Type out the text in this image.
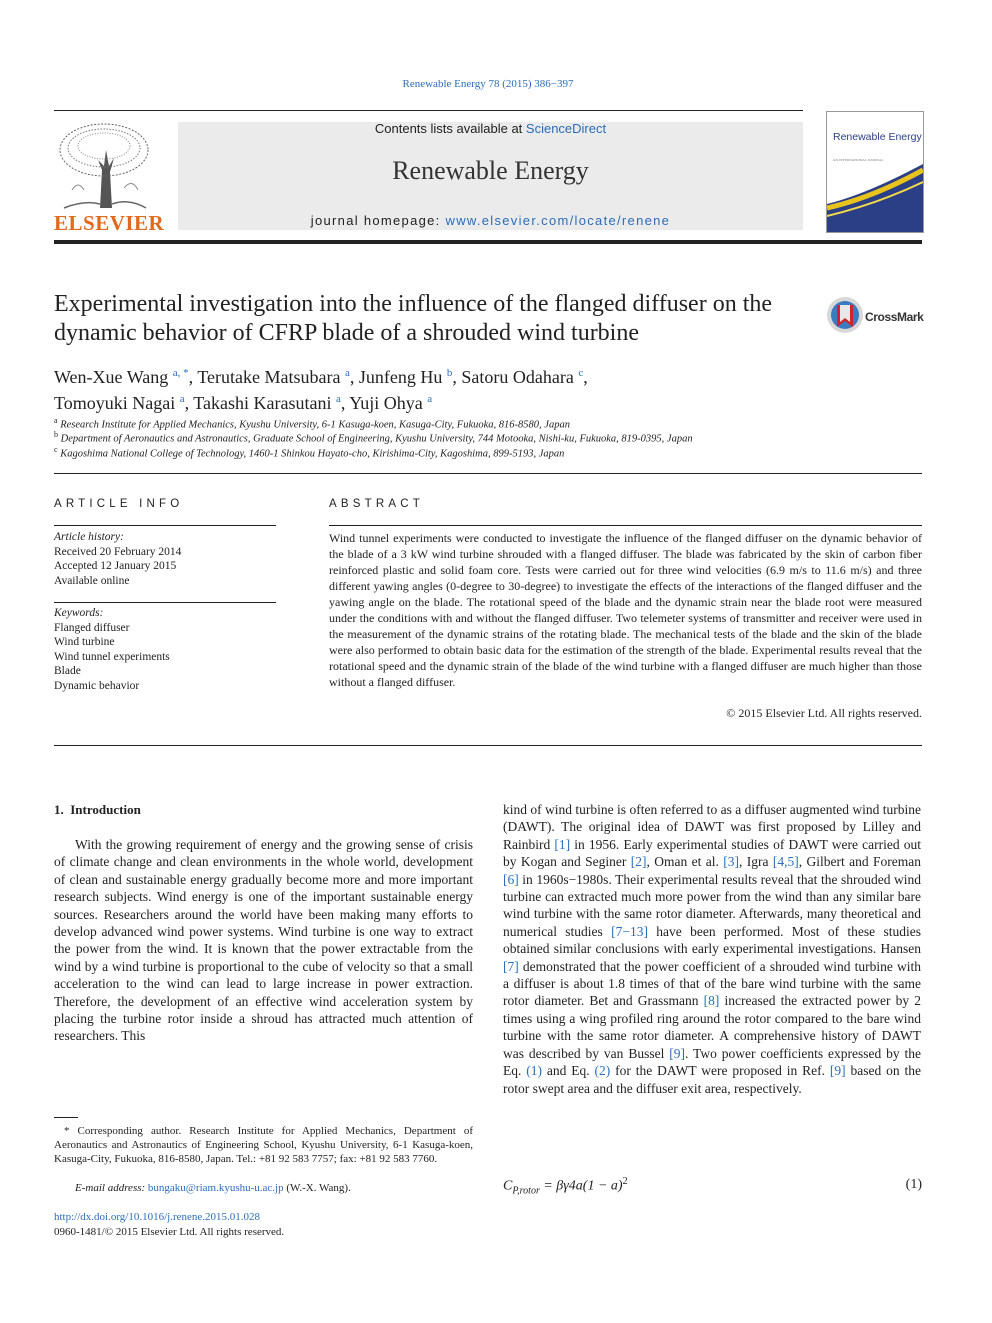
Renewable Energy 78 (2015) 386−397
ELSEVIER
Contents lists available at ScienceDirect
Renewable Energy
journal homepage: www.elsevier.com/locate/renene
Renewable Energy
AN INTERNATIONAL JOURNAL
Experimental investigation into the influence of the flanged diffuser on the dynamic behavior of CFRP blade of a shrouded wind turbine
CrossMark
Wen-Xue Wang $^{a, *}$, Terutake Matsubara $^a$, Junfeng Hu $^b$, Satoru Odahara $^c$,
Tomoyuki Nagai $^a$, Takashi Karasutani $^a$, Yuji Ohya $^a$
$^a$ Research Institute for Applied Mechanics, Kyushu University, 6-1 Kasuga-koen, Kasuga-City, Fukuoka, 816-8580, Japan
$^b$ Department of Aeronautics and Astronautics, Graduate School of Engineering, Kyushu University, 744 Motooka, Nishi-ku, Fukuoka, 819-0395, Japan
$^c$ Kagoshima National College of Technology, 1460-1 Shinkou Hayato-cho, Kirishima-City, Kagoshima, 899-5193, Japan
ARTICLE INFO
Article history:
Received 20 February 2014
Accepted 12 January 2015
Available online
Keywords:
Flanged diffuser
Wind turbine
Wind tunnel experiments
Blade
Dynamic behavior
ABSTRACT
Wind tunnel experiments were conducted to investigate the influence of the flanged diffuser on the dynamic behavior of the blade of a 3 kW wind turbine shrouded with a flanged diffuser. The blade was fabricated by the skin of carbon fiber reinforced plastic and solid foam core. Tests were carried out for three wind velocities (6.9 m/s to 11.6 m/s) and three different yawing angles (0-degree to 30-degree) to investigate the effects of the interactions of the flanged diffuser and the yawing angle on the blade. The rotational speed of the blade and the dynamic strain near the blade root were measured under the conditions with and without the flanged diffuser. Two telemeter systems of transmitter and receiver were used in the measurement of the dynamic strains of the rotating blade. The mechanical tests of the blade and the skin of the blade were also performed to obtain basic data for the estimation of the strength of the blade. Experimental results reveal that the rotational speed and the dynamic strain of the blade of the wind turbine with a flanged diffuser are much higher than those without a flanged diffuser.
© 2015 Elsevier Ltd. All rights reserved.
1.  Introduction
With the growing requirement of energy and the growing sense of crisis of climate change and clean environments in the whole world, development of clean and sustainable energy gradually become more and more important research subjects. Wind energy is one of the important sustainable energy sources. Researchers around the world have been making many efforts to develop advanced wind power systems. Wind turbine is one way to extract the power from the wind. It is known that the power extractable from the wind by a wind turbine is proportional to the cube of velocity so that a small acceleration to the wind can lead to large increase in power extraction. Therefore, the development of an effective wind acceleration system by placing the turbine rotor inside a shroud has attracted much attention of researchers. This
* Corresponding author. Research Institute for Applied Mechanics, Department of Aeronautics and Astronautics of Engineering School, Kyushu University, 6-1 Kasuga-koen, Kasuga-City, Fukuoka, 816-8580, Japan. Tel.: +81 92 583 7757; fax: +81 92 583 7760.
E-mail address: bungaku@riam.kyushu-u.ac.jp (W.-X. Wang).
http://dx.doi.org/10.1016/j.renene.2015.01.028
0960-1481/© 2015 Elsevier Ltd. All rights reserved.
kind of wind turbine is often referred to as a diffuser augmented wind turbine (DAWT). The original idea of DAWT was first proposed by Lilley and Rainbird [1] in 1956. Early experimental studies of DAWT were carried out by Kogan and Seginer [2], Oman et al. [3], Igra [4,5], Gilbert and Foreman [6] in 1960s−1980s. Their experimental results reveal that the shrouded wind turbine can extracted much more power from the wind than any similar bare wind turbine with the same rotor diameter. Afterwards, many theoretical and numerical studies [7−13] have been performed. Most of these studies obtained similar conclusions with early experimental investigations. Hansen [7] demonstrated that the power coefficient of a shrouded wind turbine with a diffuser is about 1.8 times of that of the bare wind turbine with the same rotor diameter. Bet and Grassmann [8] increased the extracted power by 2 times using a wing profiled ring around the rotor compared to the bare wind turbine with the same rotor diameter. A comprehensive history of DAWT was described by van Bussel [9]. Two power coefficients expressed by the Eq. (1) and Eq. (2) for the DAWT were proposed in Ref. [9] based on the rotor swept area and the diffuser exit area, respectively.
$C_{P,rotor} = \beta\gamma 4a(1 - a)^2$	(1)
